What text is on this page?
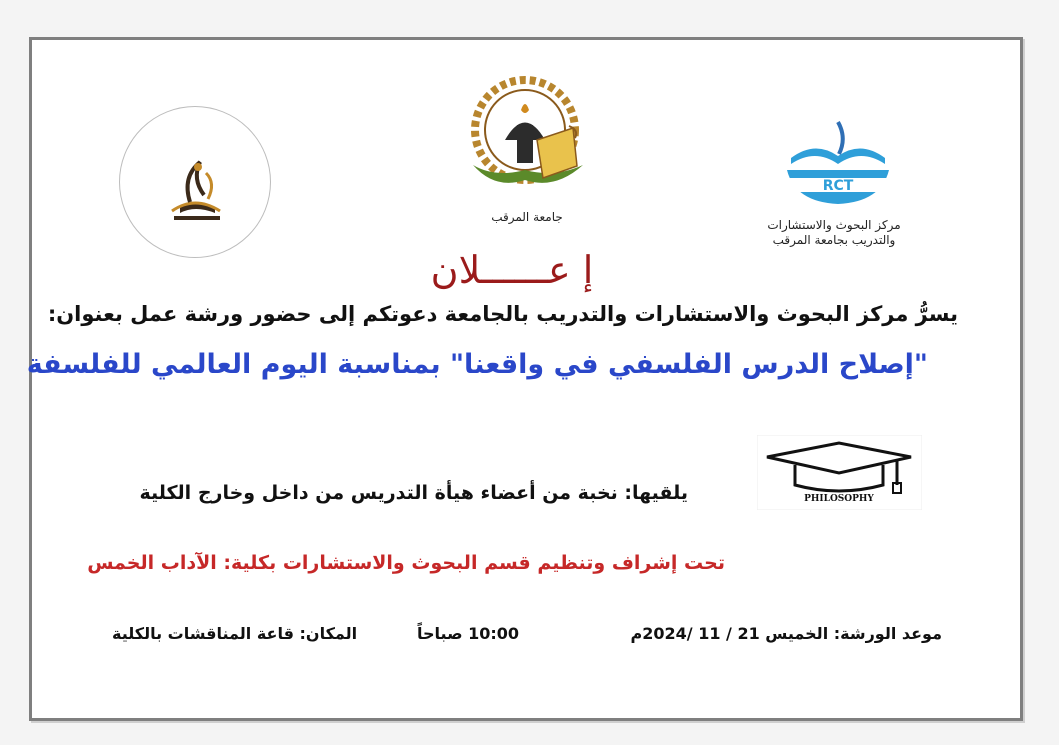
جامعة المرقب
RCT
مركز البحوث والاستشارات
والتدريب بجامعة المرقب
إ عــــــلان
يسرُّ مركز البحوث والاستشارات والتدريب بالجامعة دعوتكم إلى حضور ورشة عمل بعنوان:
"إصلاح الدرس الفلسفي في واقعنا" بمناسبة اليوم العالمي للفلسفة
PHILOSOPHY
يلقيها: نخبة من أعضاء هيأة التدريس من داخل وخارج الكلية
تحت إشراف وتنظيم قسم البحوث والاستشارات بكلية: الآداب الخمس
موعد الورشة: الخميس 21 / 11 /2024م
10:00 صباحاً
المكان: قاعة المناقشات بالكلية
